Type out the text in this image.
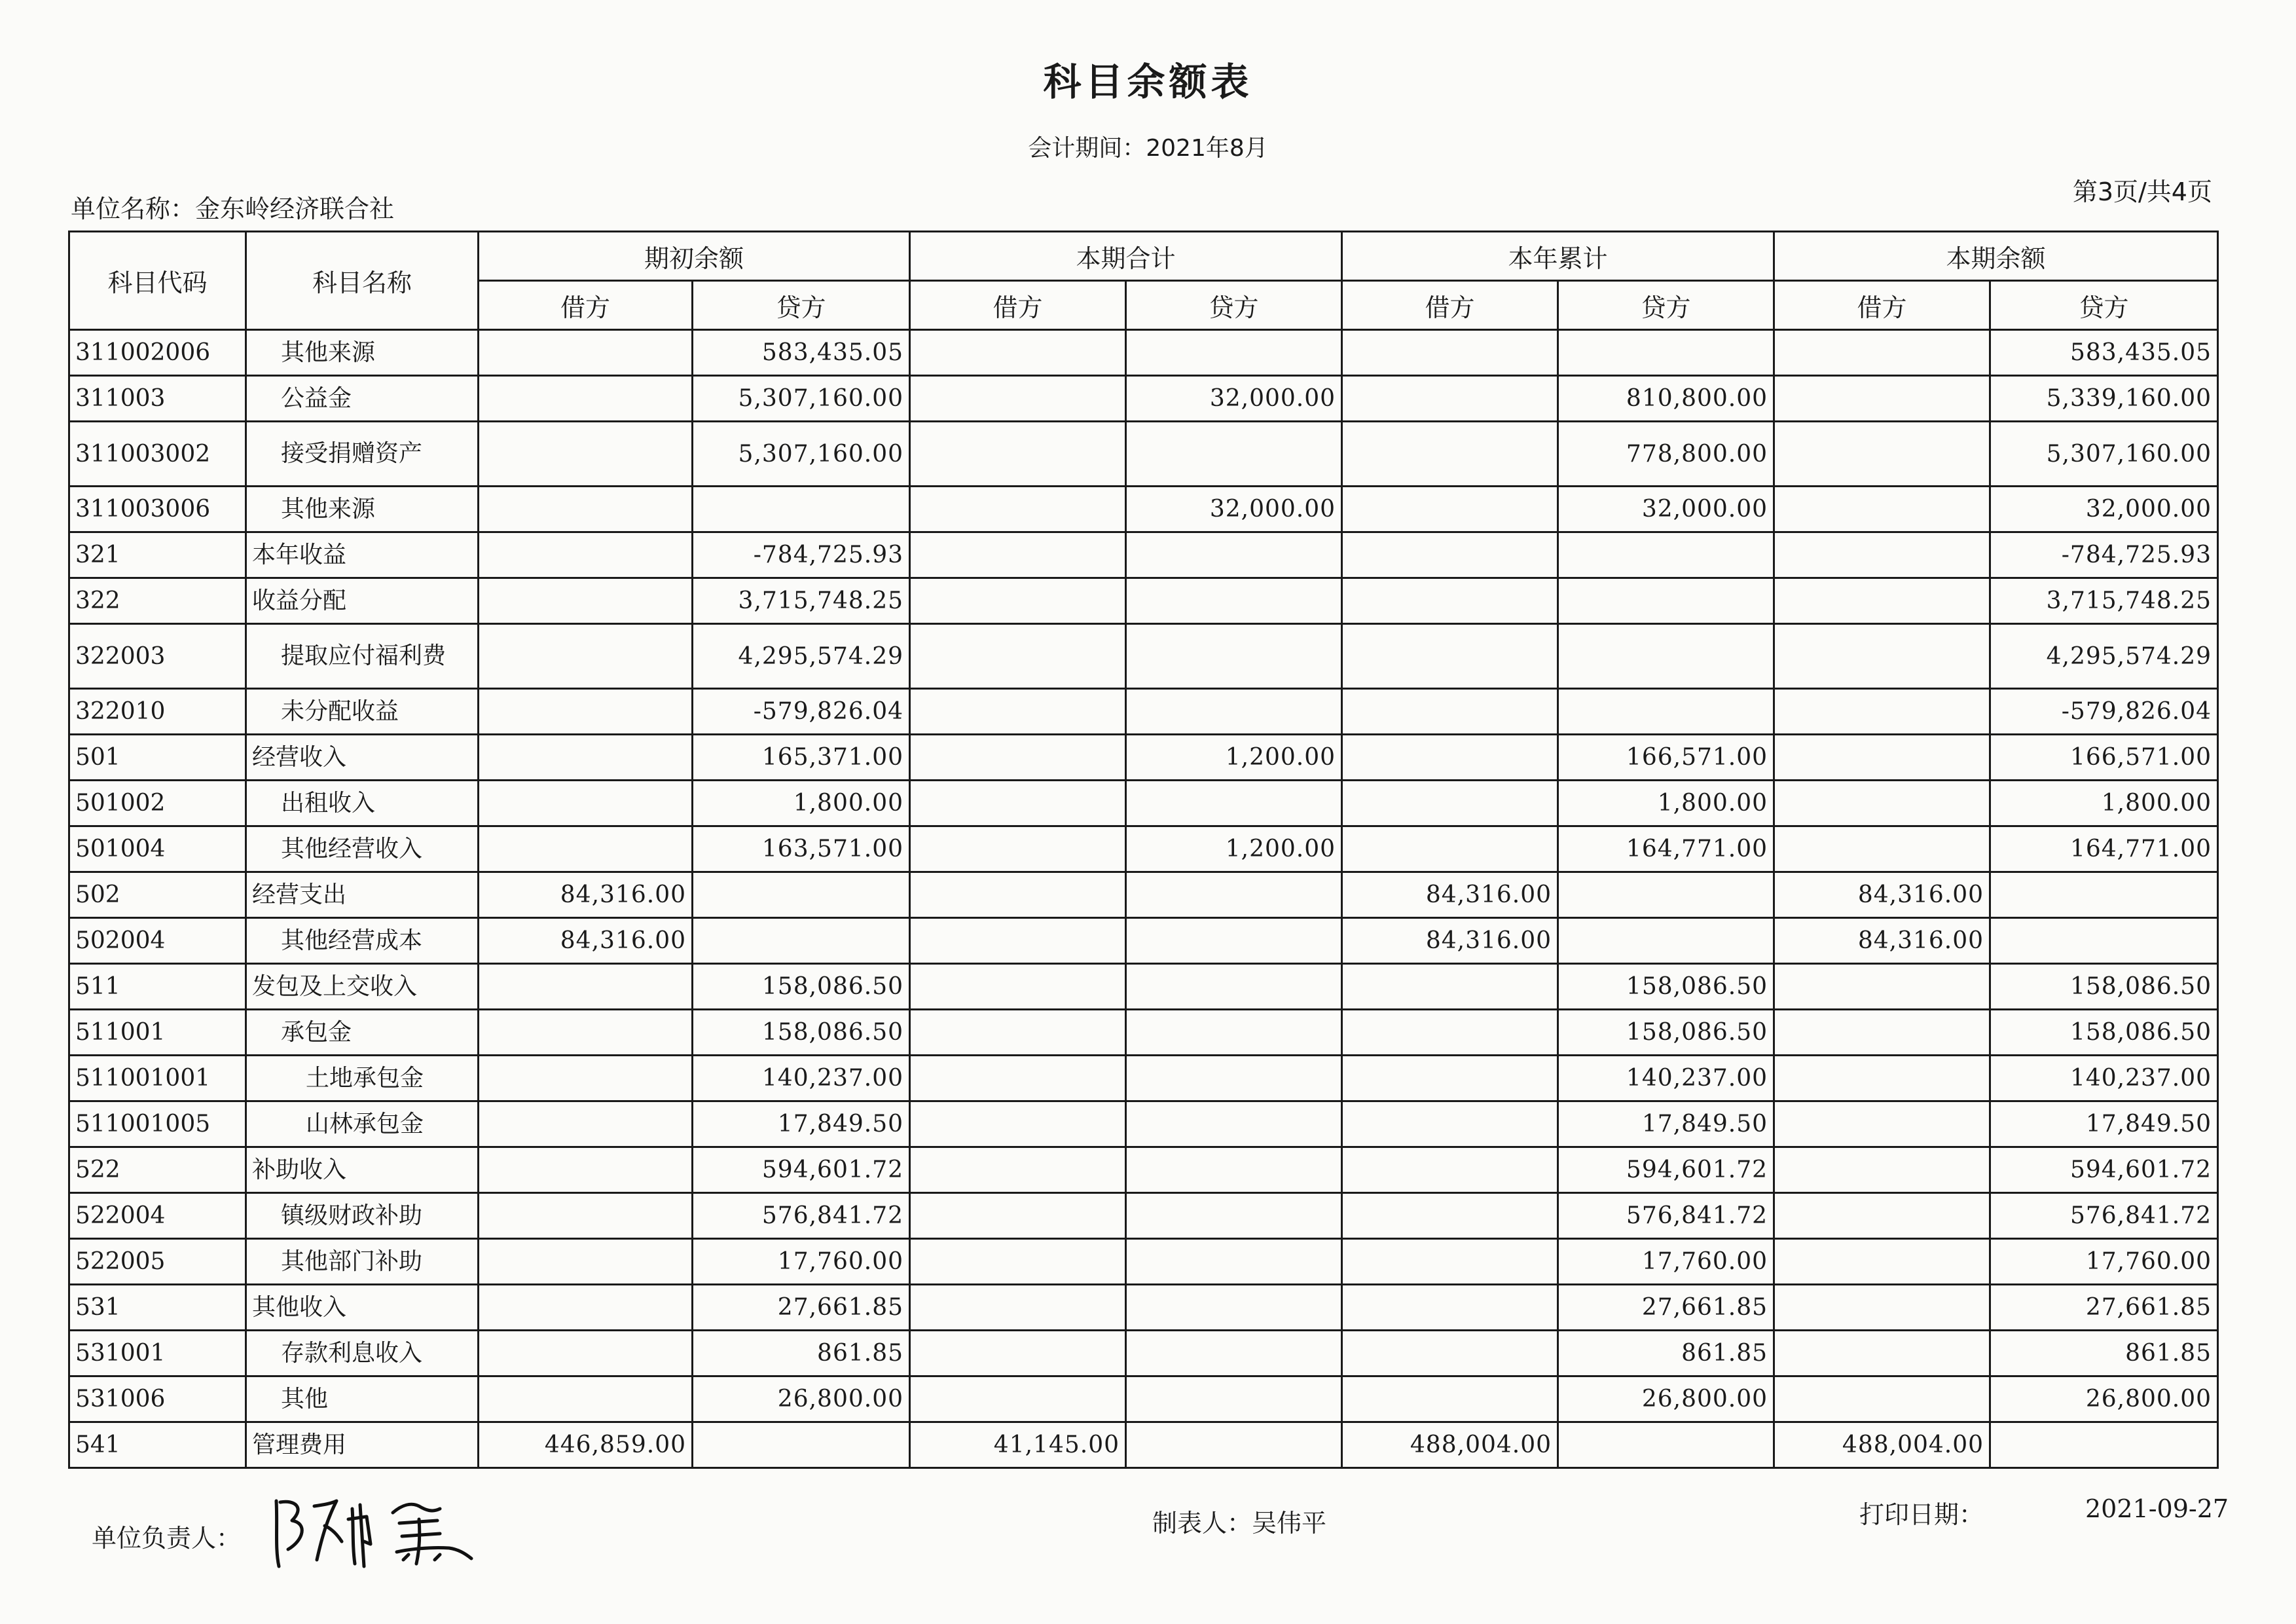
科目余额表
会计期间：2021年8月
单位名称：金东岭经济联合社
第3页/共4页
科目代码	科目名称	期初余额		本期合计		本年累计		本期余额	
		借方	贷方	借方	贷方	借方	贷方	借方	贷方
311002006	其他来源		583,435.05						583,435.05
311003	公益金		5,307,160.00		32,000.00		810,800.00		5,339,160.00
311003002	接受捐赠资产		5,307,160.00				778,800.00		5,307,160.00
311003006	其他来源				32,000.00		32,000.00		32,000.00
321	本年收益		-784,725.93						-784,725.93
322	收益分配		3,715,748.25						3,715,748.25
322003	提取应付福利费		4,295,574.29						4,295,574.29
322010	未分配收益		-579,826.04						-579,826.04
501	经营收入		165,371.00		1,200.00		166,571.00		166,571.00
501002	出租收入		1,800.00				1,800.00		1,800.00
501004	其他经营收入		163,571.00		1,200.00		164,771.00		164,771.00
502	经营支出	84,316.00				84,316.00		84,316.00	
502004	其他经营成本	84,316.00				84,316.00		84,316.00	
511	发包及上交收入		158,086.50				158,086.50		158,086.50
511001	承包金		158,086.50				158,086.50		158,086.50
511001001	土地承包金		140,237.00				140,237.00		140,237.00
511001005	山林承包金		17,849.50				17,849.50		17,849.50
522	补助收入		594,601.72				594,601.72		594,601.72
522004	镇级财政补助		576,841.72				576,841.72		576,841.72
522005	其他部门补助		17,760.00				17,760.00		17,760.00
531	其他收入		27,661.85				27,661.85		27,661.85
531001	存款利息收入		861.85				861.85		861.85
531006	其他		26,800.00				26,800.00		26,800.00
541	管理费用	446,859.00		41,145.00		488,004.00		488,004.00	
单位负责人：
制表人：吴伟平	打印日期：	2021-09-27
